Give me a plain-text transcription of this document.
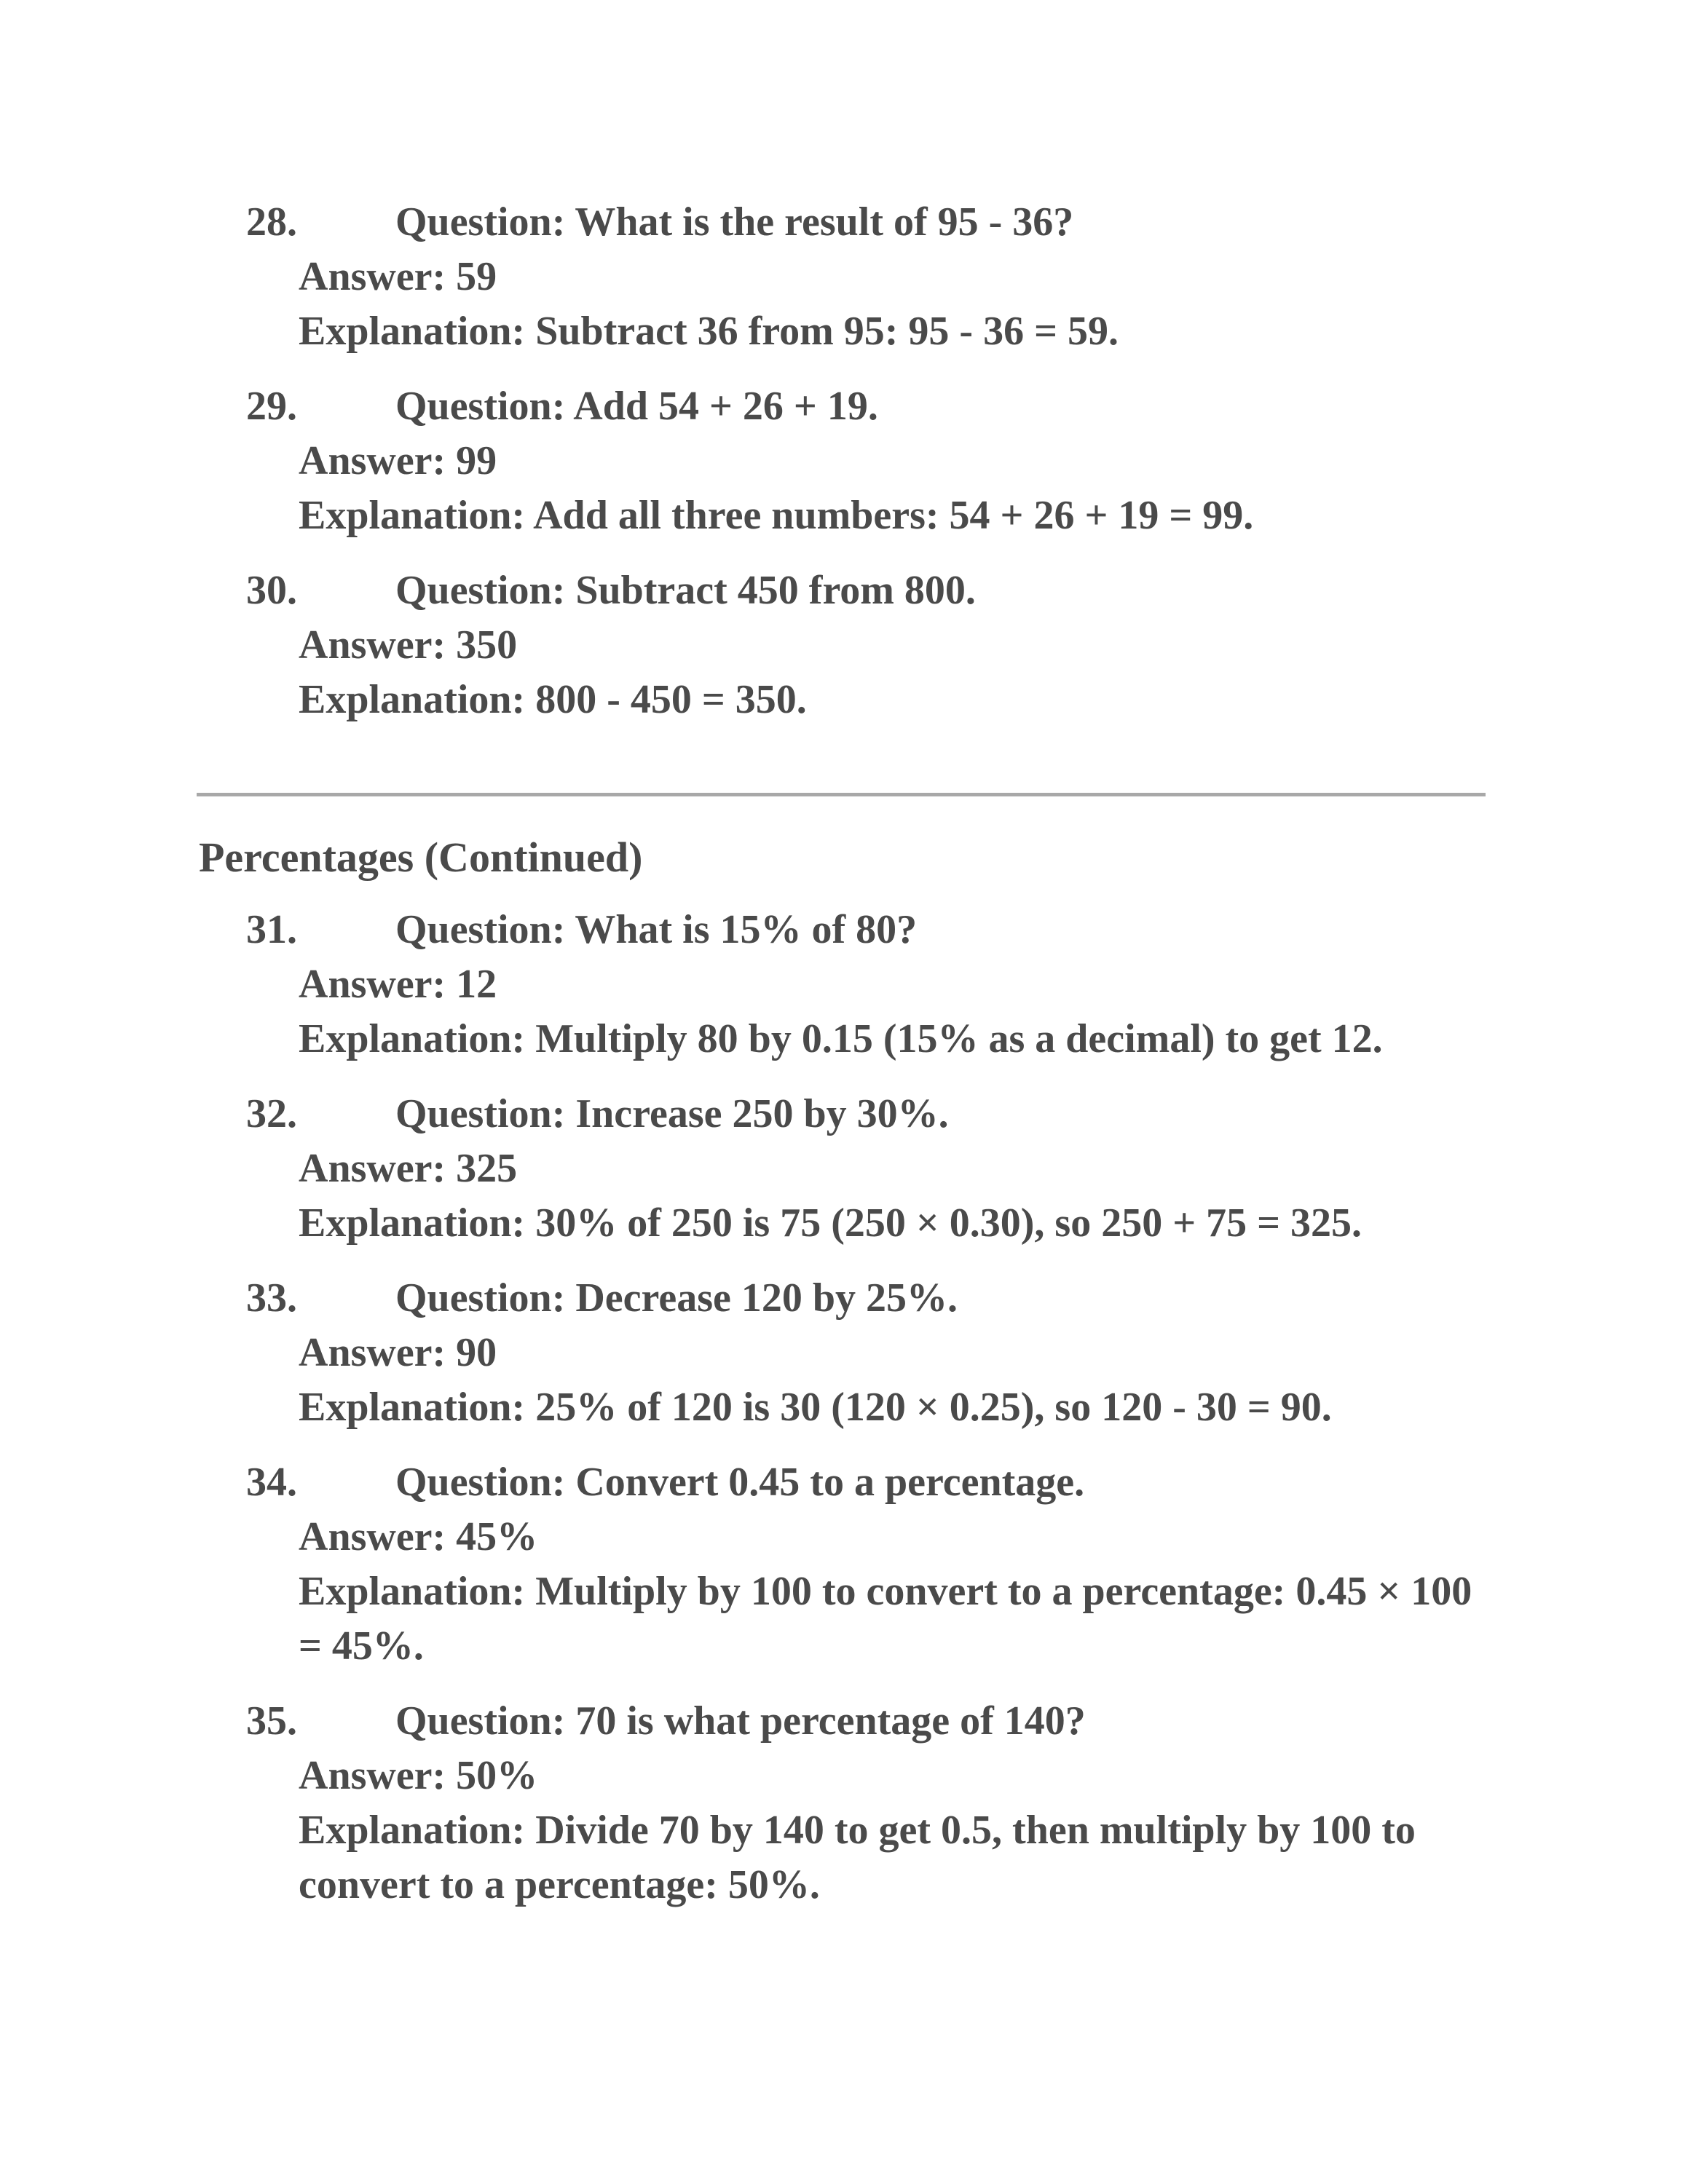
28. Question: What is the result of 95 - 36?
Answer: 59
Explanation: Subtract 36 from 95: 95 - 36 = 59.
29. Question: Add 54 + 26 + 19.
Answer: 99
Explanation: Add all three numbers: 54 + 26 + 19 = 99.
30. Question: Subtract 450 from 800.
Answer: 350
Explanation: 800 - 450 = 350.
Percentages (Continued)
31. Question: What is 15% of 80?
Answer: 12
Explanation: Multiply 80 by 0.15 (15% as a decimal) to get 12.
32. Question: Increase 250 by 30%.
Answer: 325
Explanation: 30% of 250 is 75 (250 × 0.30), so 250 + 75 = 325.
33. Question: Decrease 120 by 25%.
Answer: 90
Explanation: 25% of 120 is 30 (120 × 0.25), so 120 - 30 = 90.
34. Question: Convert 0.45 to a percentage.
Answer: 45%
Explanation: Multiply by 100 to convert to a percentage: 0.45 × 100 = 45%.
35. Question: 70 is what percentage of 140?
Answer: 50%
Explanation: Divide 70 by 140 to get 0.5, then multiply by 100 to convert to a percentage: 50%.
